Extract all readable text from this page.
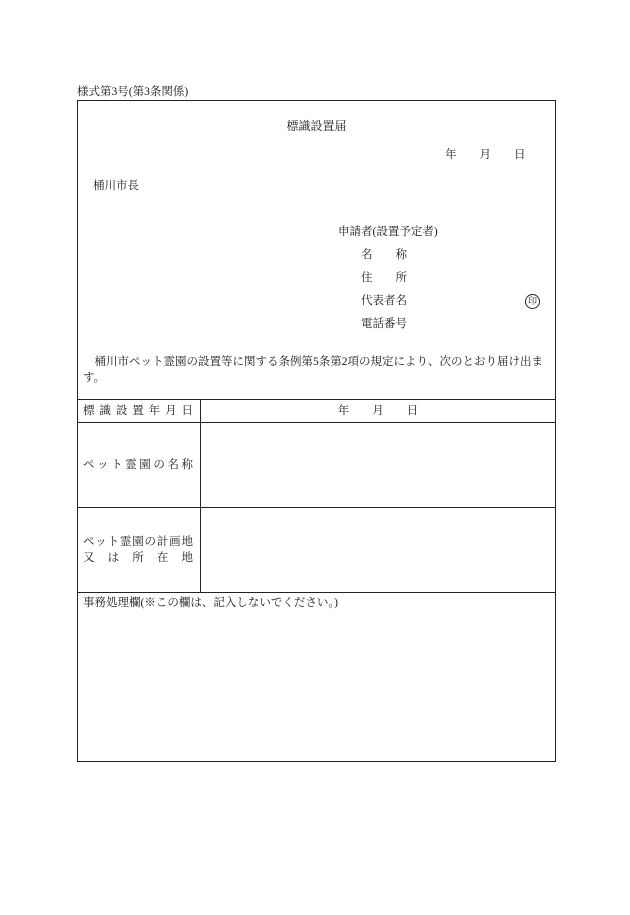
様式第3号(第3条関係)
標識設置届
年　　月　　日
桶川市長
申請者(設置予定者)
名　　称
住　　所
代表者名	印
電話番号
桶川市ペット霊園の設置等に関する条例第5条第2項の規定により、次のとおり届け出ます。
標識設置年月日	年　　月　　日
ペット霊園の名称
ペット霊園の計画地
又は所在地
事務処理欄(※この欄は、記入しないでください。)
